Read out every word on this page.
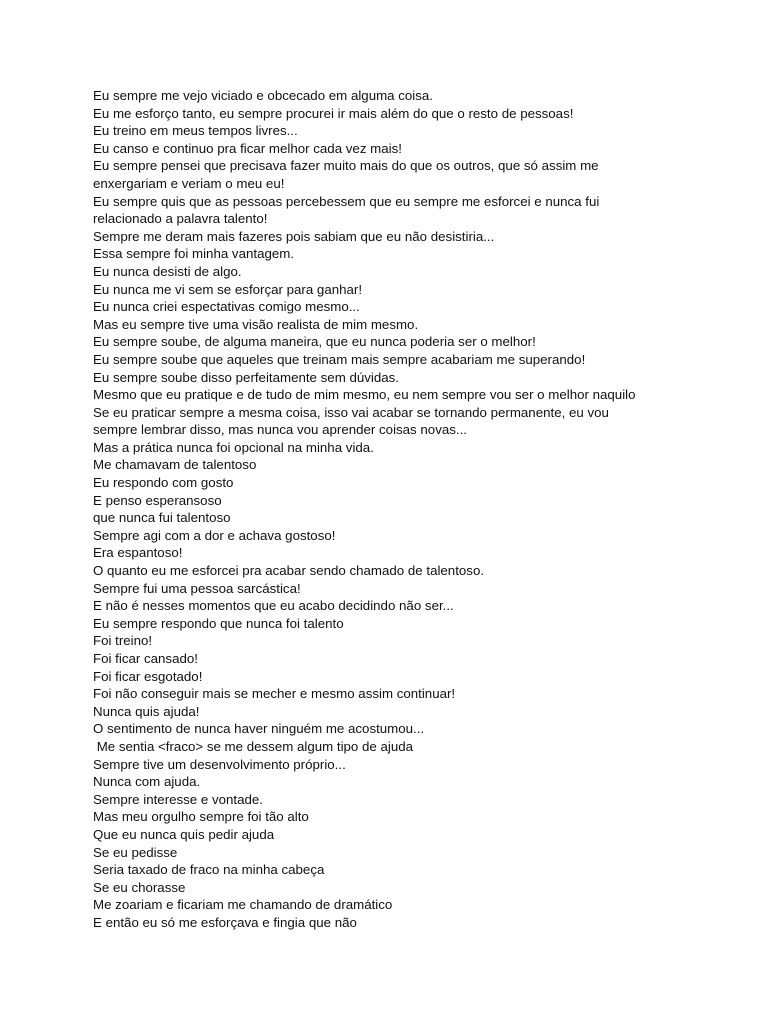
Eu sempre me vejo viciado e obcecado em alguma coisa.
Eu me esforço tanto, eu sempre procurei ir mais além do que o resto de pessoas!
Eu treino em meus tempos livres...
Eu canso e continuo pra ficar melhor cada vez mais!
Eu sempre pensei que precisava fazer muito mais do que os outros, que só assim me
enxergariam e veriam o meu eu!
Eu sempre quis que as pessoas percebessem que eu sempre me esforcei e nunca fui
relacionado a palavra talento!
Sempre me deram mais fazeres pois sabiam que eu não desistiria...
Essa sempre foi minha vantagem.
Eu nunca desisti de algo.
Eu nunca me vi sem se esforçar para ganhar!
Eu nunca criei espectativas comigo mesmo...
Mas eu sempre tive uma visão realista de mim mesmo.
Eu sempre soube, de alguma maneira, que eu nunca poderia ser o melhor!
Eu sempre soube que aqueles que treinam mais sempre acabariam me superando!
Eu sempre soube disso perfeitamente sem dúvidas.
Mesmo que eu pratique e de tudo de mim mesmo, eu nem sempre vou ser o melhor naquilo
Se eu praticar sempre a mesma coisa, isso vai acabar se tornando permanente, eu vou
sempre lembrar disso, mas nunca vou aprender coisas novas...
Mas a prática nunca foi opcional na minha vida.
Me chamavam de talentoso
Eu respondo com gosto
E penso esperansoso
que nunca fui talentoso
Sempre agi com a dor e achava gostoso!
Era espantoso!
O quanto eu me esforcei pra acabar sendo chamado de talentoso.
Sempre fui uma pessoa sarcástica!
E não é nesses momentos que eu acabo decidindo não ser...
Eu sempre respondo que nunca foi talento
Foi treino!
Foi ficar cansado!
Foi ficar esgotado!
Foi não conseguir mais se mecher e mesmo assim continuar!
Nunca quis ajuda!
O sentimento de nunca haver ninguém me acostumou...
Me sentia <fraco> se me dessem algum tipo de ajuda
Sempre tive um desenvolvimento próprio...
Nunca com ajuda.
Sempre interesse e vontade.
Mas meu orgulho sempre foi tão alto
Que eu nunca quis pedir ajuda
Se eu pedisse
Seria taxado de fraco na minha cabeça
Se eu chorasse
Me zoariam e ficariam me chamando de dramático
E então eu só me esforçava e fingia que não
